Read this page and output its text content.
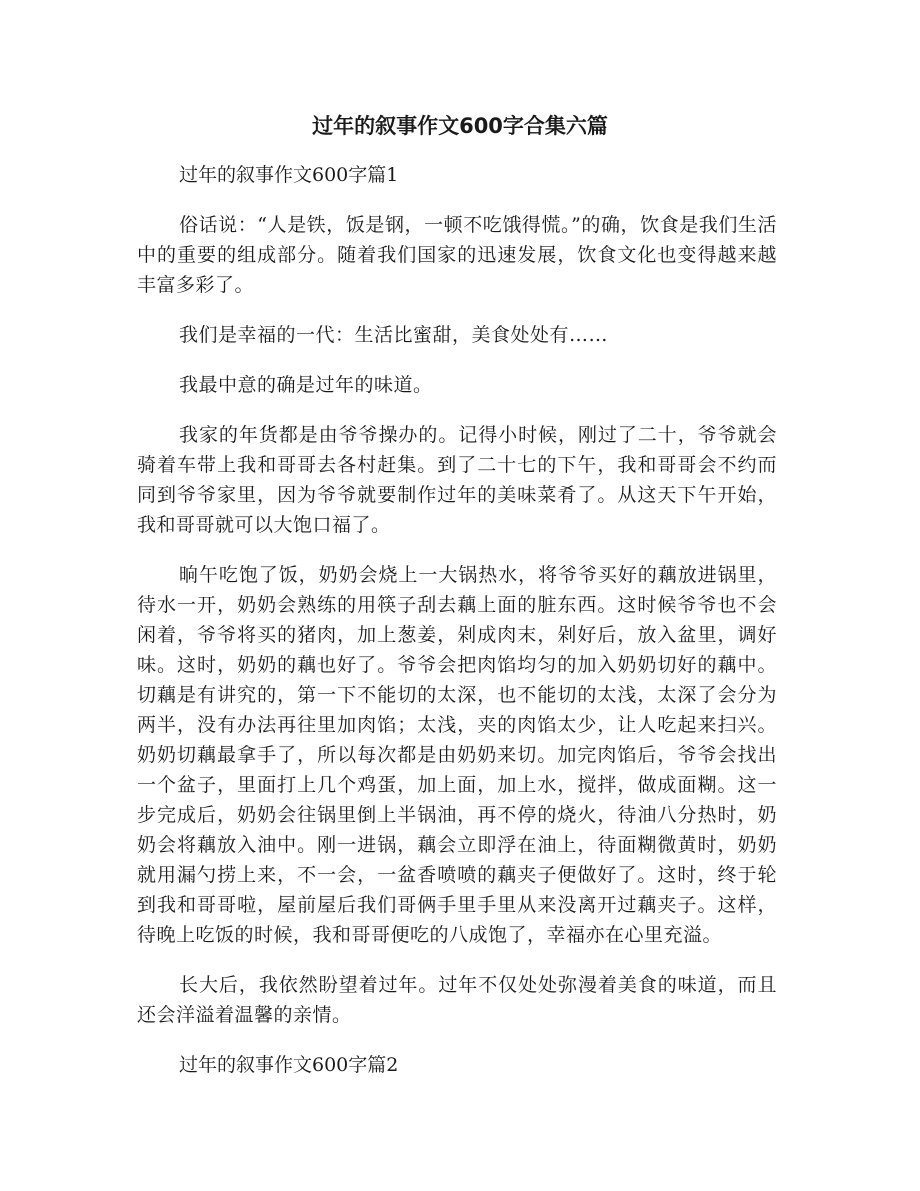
过年的叙事作文600字合集六篇

过年的叙事作文600字篇1

俗话说：“人是铁，饭是钢，一顿不吃饿得慌。”的确，饮食是我们生活中的重要的组成部分。随着我们国家的迅速发展，饮食文化也变得越来越丰富多彩了。

我们是幸福的一代：生活比蜜甜，美食处处有……

我最中意的确是过年的味道。

我家的年货都是由爷爷操办的。记得小时候，刚过了二十，爷爷就会骑着车带上我和哥哥去各村赶集。到了二十七的下午，我和哥哥会不约而同到爷爷家里，因为爷爷就要制作过年的美味菜肴了。从这天下午开始，我和哥哥就可以大饱口福了。

晌午吃饱了饭，奶奶会烧上一大锅热水，将爷爷买好的藕放进锅里，待水一开，奶奶会熟练的用筷子刮去藕上面的脏东西。这时候爷爷也不会闲着，爷爷将买的猪肉，加上葱姜，剁成肉末，剁好后，放入盆里，调好味。这时，奶奶的藕也好了。爷爷会把肉馅均匀的加入奶奶切好的藕中。切藕是有讲究的，第一下不能切的太深，也不能切的太浅，太深了会分为两半，没有办法再往里加肉馅；太浅，夹的肉馅太少，让人吃起来扫兴。奶奶切藕最拿手了，所以每次都是由奶奶来切。加完肉馅后，爷爷会找出一个盆子，里面打上几个鸡蛋，加上面，加上水，搅拌，做成面糊。这一步完成后，奶奶会往锅里倒上半锅油，再不停的烧火，待油八分热时，奶奶会将藕放入油中。刚一进锅，藕会立即浮在油上，待面糊微黄时，奶奶就用漏勺捞上来，不一会，一盆香喷喷的藕夹子便做好了。这时，终于轮到我和哥哥啦，屋前屋后我们哥俩手里手里从来没离开过藕夹子。这样，待晚上吃饭的时候，我和哥哥便吃的八成饱了，幸福亦在心里充溢。

长大后，我依然盼望着过年。过年不仅处处弥漫着美食的味道，而且还会洋溢着温馨的亲情。

过年的叙事作文600字篇2
